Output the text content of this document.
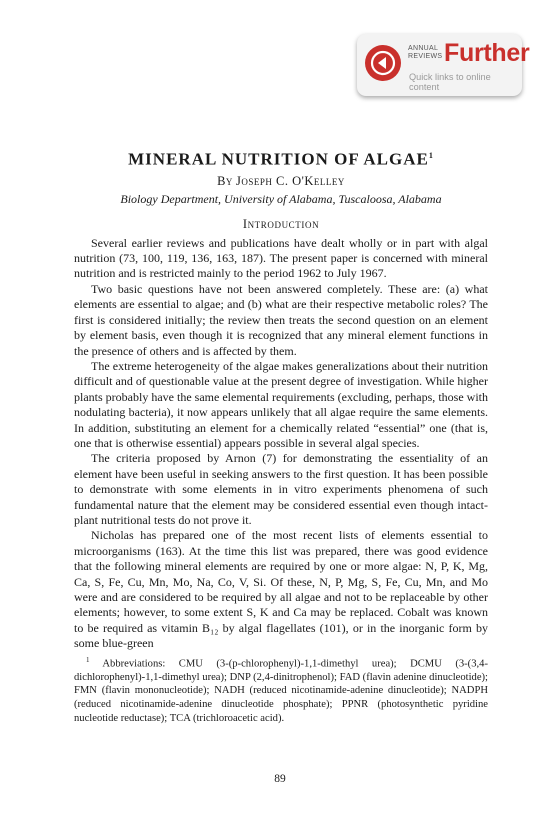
ANNUAL
REVIEWS Further
Quick links to online content
MINERAL NUTRITION OF ALGAE$^1$
By Joseph C. O'Kelley
Biology Department, University of Alabama, Tuscaloosa, Alabama
Introduction

Several earlier reviews and publications have dealt wholly or in part with algal nutrition (73, 100, 119, 136, 163, 187). The present paper is concerned with mineral nutrition and is restricted mainly to the period 1962 to July 1967.

Two basic questions have not been answered completely. These are: (a) what elements are essential to algae; and (b) what are their respective metabolic roles? The first is considered initially; the review then treats the second question on an element by element basis, even though it is recognized that any mineral element functions in the presence of others and is affected by them.

The extreme heterogeneity of the algae makes generalizations about their nutrition difficult and of questionable value at the present degree of investigation. While higher plants probably have the same elemental requirements (excluding, perhaps, those with nodulating bacteria), it now appears unlikely that all algae require the same elements. In addition, substituting an element for a chemically related “essential” one (that is, one that is otherwise essential) appears possible in several algal species.

The criteria proposed by Arnon (7) for demonstrating the essentiality of an element have been useful in seeking answers to the first question. It has been possible to demonstrate with some elements in in vitro experiments phenomena of such fundamental nature that the element may be considered essential even though intact-plant nutritional tests do not prove it.

Nicholas has prepared one of the most recent lists of elements essential to microorganisms (163). At the time this list was prepared, there was good evidence that the following mineral elements are required by one or more algae: N, P, K, Mg, Ca, S, Fe, Cu, Mn, Mo, Na, Co, V, Si. Of these, N, P, Mg, S, Fe, Cu, Mn, and Mo were and are considered to be required by all algae and not to be replaceable by other elements; however, to some extent S, K and Ca may be replaced. Cobalt was known to be required as vitamin B₁₂ by algal flagellates (101), or in the inorganic form by some blue-green

$^1$ Abbreviations: CMU (3-(p-chlorophenyl)-1,1-dimethyl urea); DCMU (3-(3,4-dichlorophenyl)-1,1-dimethyl urea); DNP (2,4-dinitrophenol); FAD (flavin adenine dinucleotide); FMN (flavin mononucleotide); NADH (reduced nicotinamide-adenine dinucleotide); NADPH (reduced nicotinamide-adenine dinucleotide phosphate); PPNR (photosynthetic pyridine nucleotide reductase); TCA (trichloroacetic acid).

89
